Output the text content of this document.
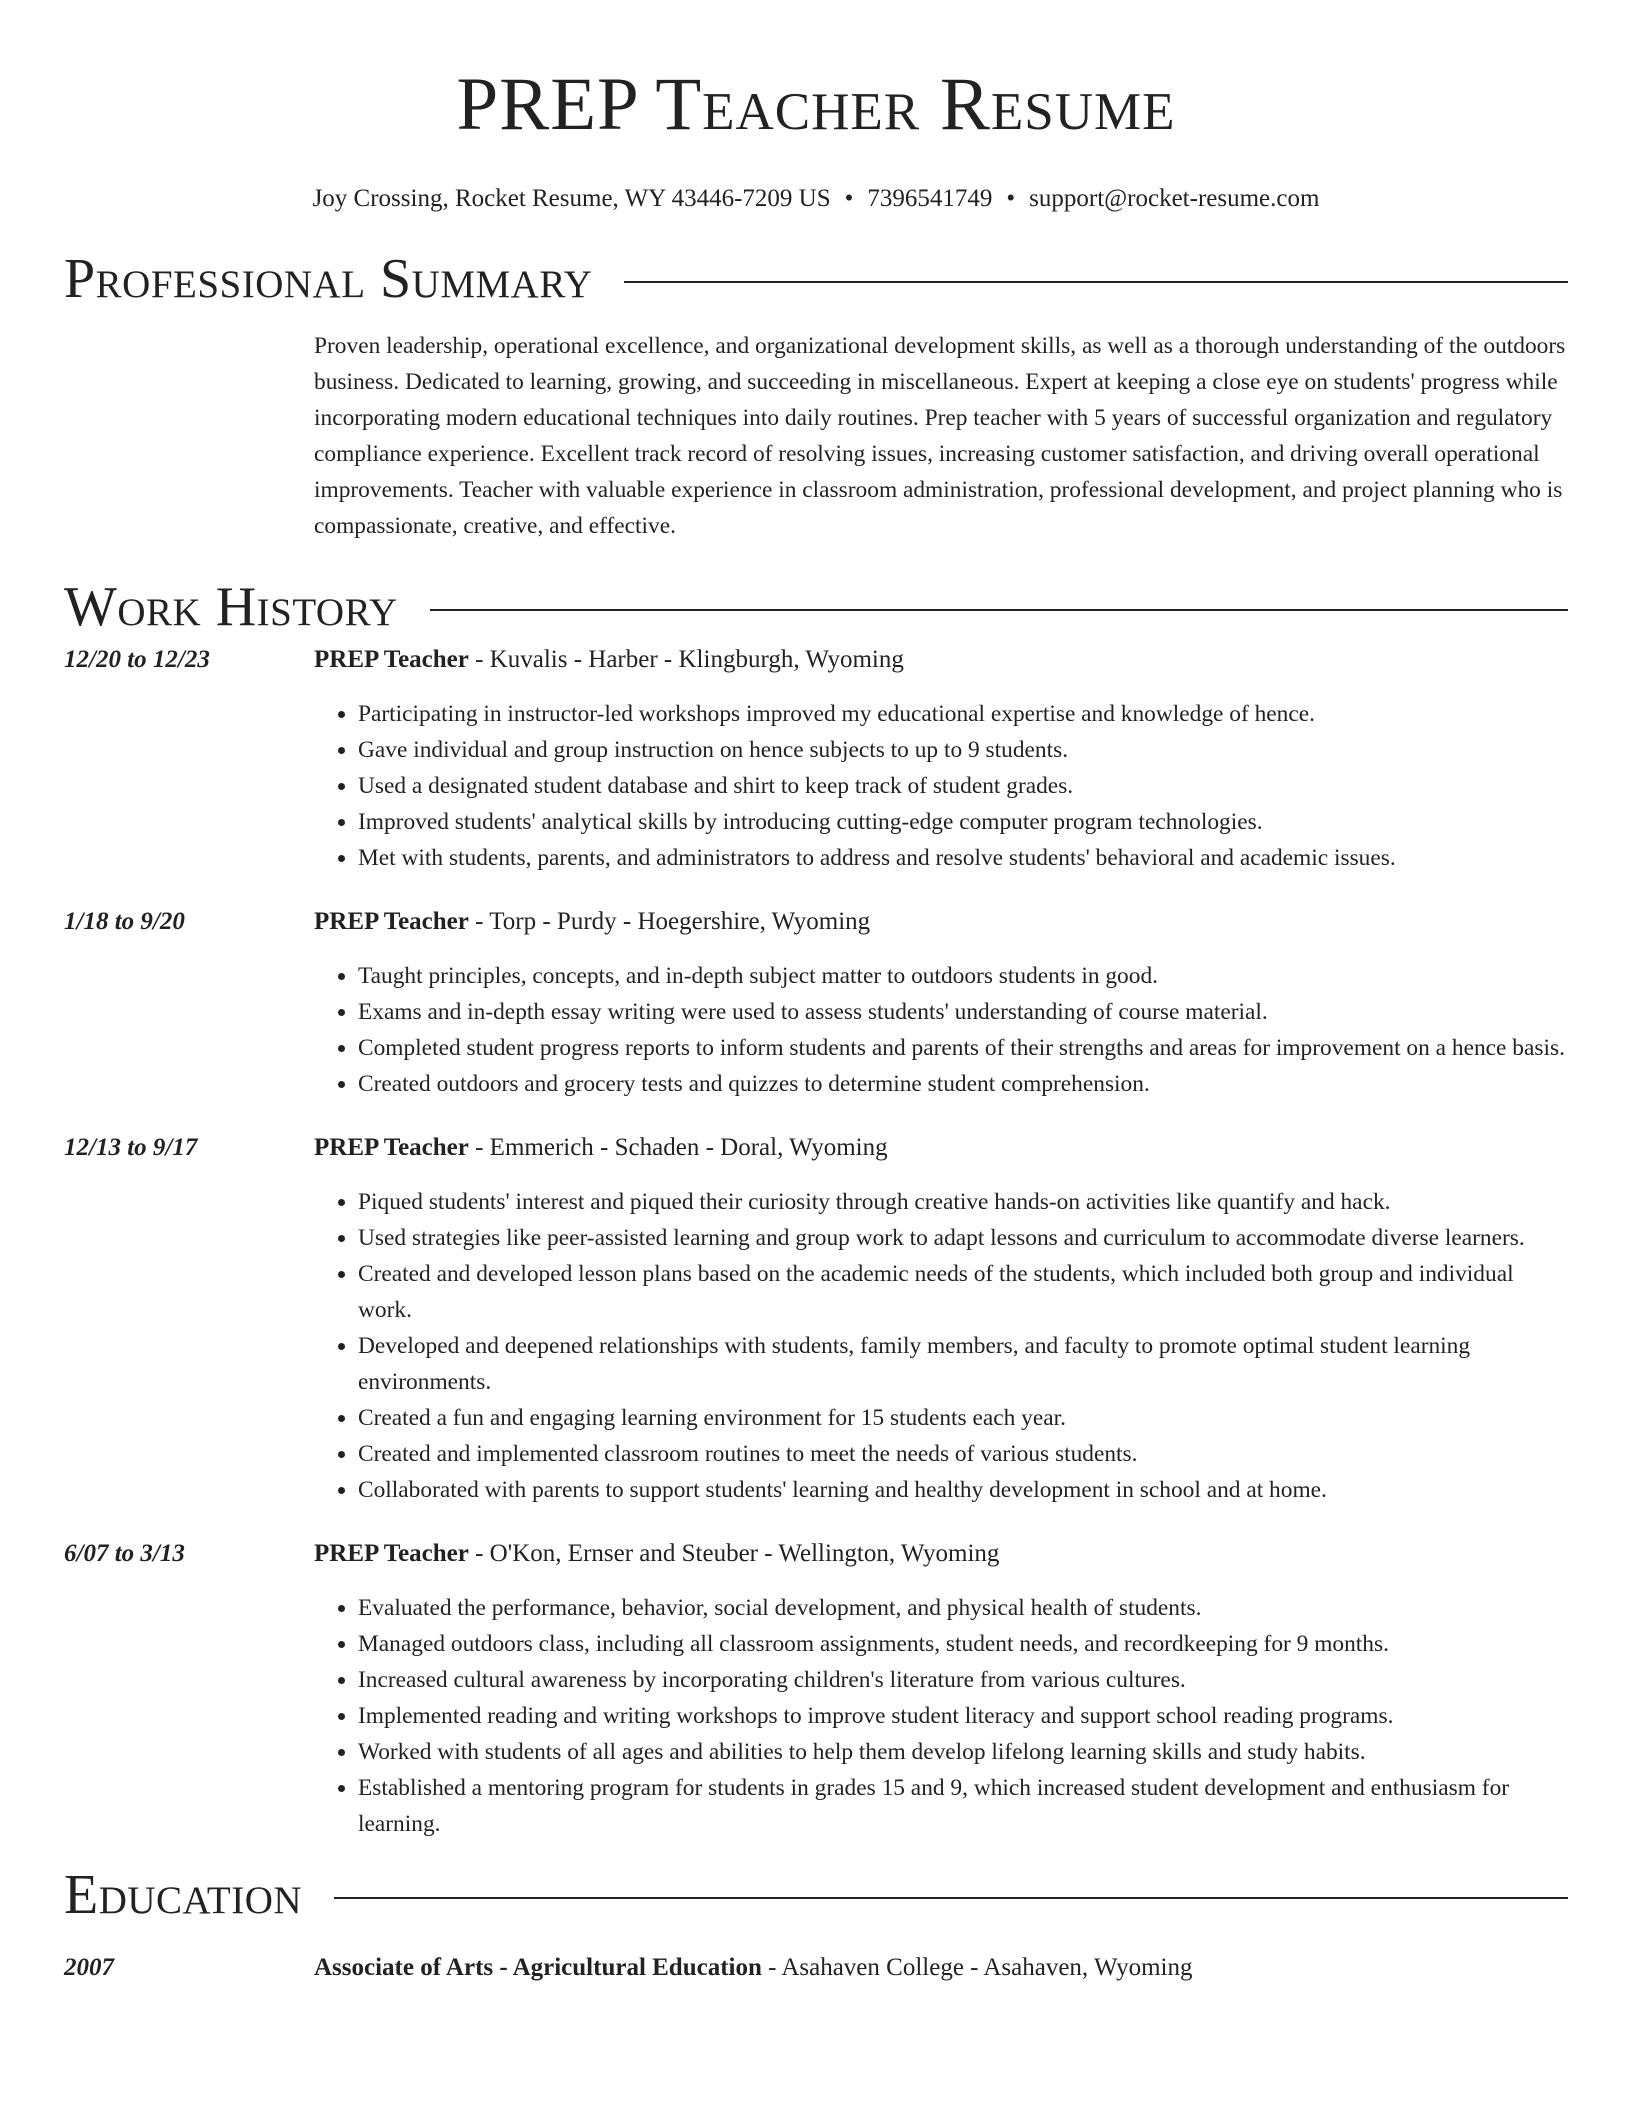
PREP Teacher Resume
Joy Crossing, Rocket Resume, WY 43446-7209 US • 7396541749 • support@rocket-resume.com
Professional Summary
Proven leadership, operational excellence, and organizational development skills, as well as a thorough understanding of the outdoors business. Dedicated to learning, growing, and succeeding in miscellaneous. Expert at keeping a close eye on students' progress while incorporating modern educational techniques into daily routines. Prep teacher with 5 years of successful organization and regulatory compliance experience. Excellent track record of resolving issues, increasing customer satisfaction, and driving overall operational improvements. Teacher with valuable experience in classroom administration, professional development, and project planning who is compassionate, creative, and effective.
Work History
12/20 to 12/23	PREP Teacher - Kuvalis - Harber - Klingburgh, Wyoming
• Participating in instructor-led workshops improved my educational expertise and knowledge of hence.
• Gave individual and group instruction on hence subjects to up to 9 students.
• Used a designated student database and shirt to keep track of student grades.
• Improved students' analytical skills by introducing cutting-edge computer program technologies.
• Met with students, parents, and administrators to address and resolve students' behavioral and academic issues.
1/18 to 9/20	PREP Teacher - Torp - Purdy - Hoegershire, Wyoming
• Taught principles, concepts, and in-depth subject matter to outdoors students in good.
• Exams and in-depth essay writing were used to assess students' understanding of course material.
• Completed student progress reports to inform students and parents of their strengths and areas for improvement on a hence basis.
• Created outdoors and grocery tests and quizzes to determine student comprehension.
12/13 to 9/17	PREP Teacher - Emmerich - Schaden - Doral, Wyoming
• Piqued students' interest and piqued their curiosity through creative hands-on activities like quantify and hack.
• Used strategies like peer-assisted learning and group work to adapt lessons and curriculum to accommodate diverse learners.
• Created and developed lesson plans based on the academic needs of the students, which included both group and individual work.
• Developed and deepened relationships with students, family members, and faculty to promote optimal student learning environments.
• Created a fun and engaging learning environment for 15 students each year.
• Created and implemented classroom routines to meet the needs of various students.
• Collaborated with parents to support students' learning and healthy development in school and at home.
6/07 to 3/13	PREP Teacher - O'Kon, Ernser and Steuber - Wellington, Wyoming
• Evaluated the performance, behavior, social development, and physical health of students.
• Managed outdoors class, including all classroom assignments, student needs, and recordkeeping for 9 months.
• Increased cultural awareness by incorporating children's literature from various cultures.
• Implemented reading and writing workshops to improve student literacy and support school reading programs.
• Worked with students of all ages and abilities to help them develop lifelong learning skills and study habits.
• Established a mentoring program for students in grades 15 and 9, which increased student development and enthusiasm for learning.
Education
2007	Associate of Arts - Agricultural Education - Asahaven College - Asahaven, Wyoming
